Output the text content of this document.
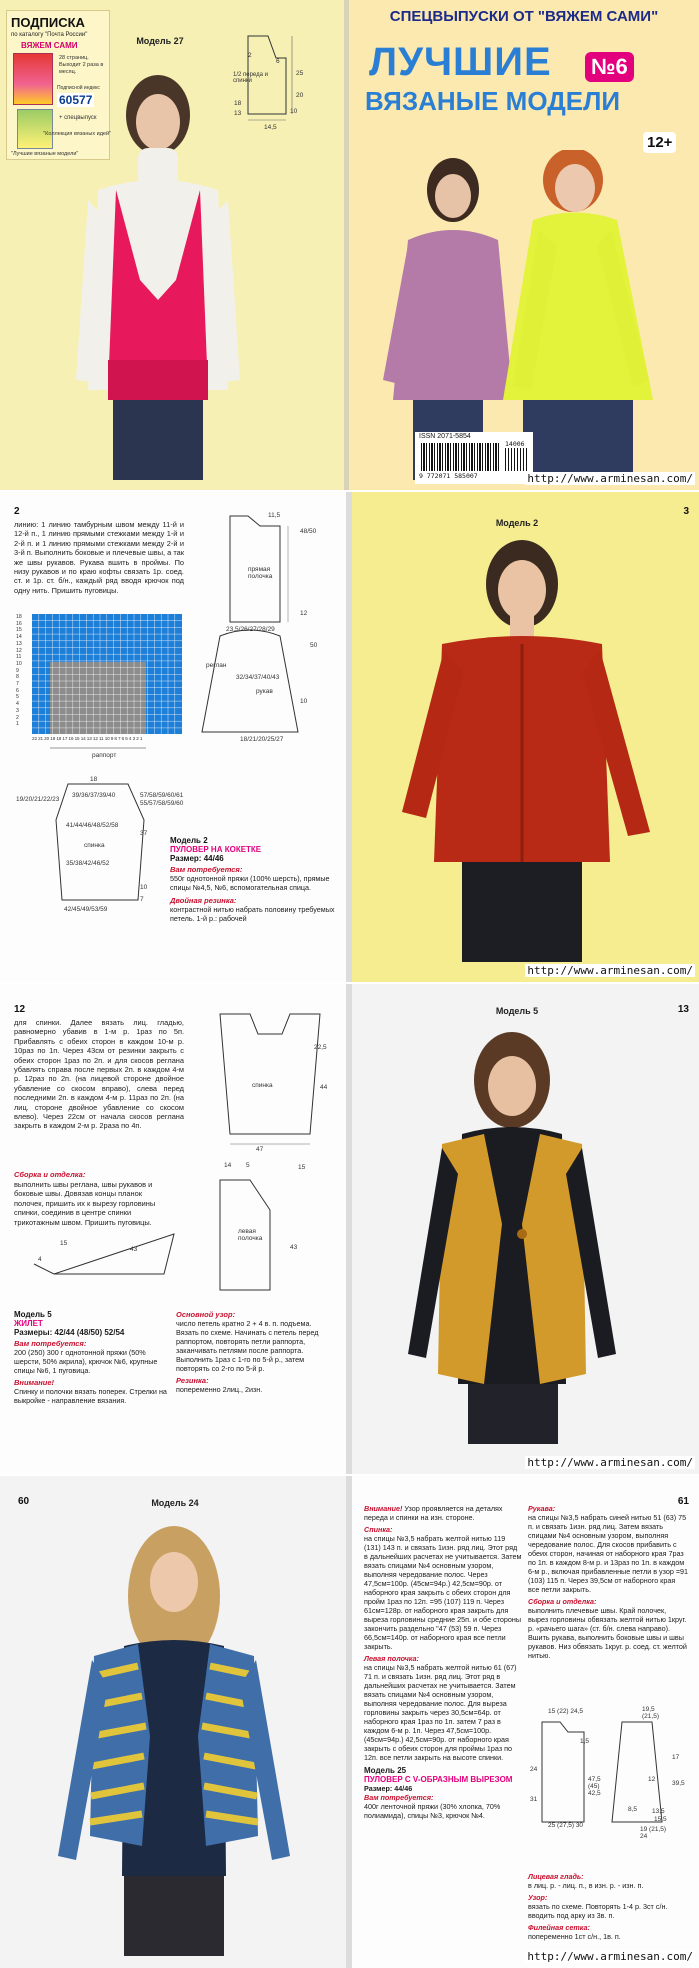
Модель 27
ПОДПИСКА
по каталогу "Почта России"
ВЯЖЕМ САМИ
28 страниц. Выходит 2 раза в месяц.
Подписной индекс
60577
+ спецвыпуск
"Лучшие вязаные модели"
"Коллекция вязаных идей"
1/2 переда и спинки
2
6
25
20
18
13	10
14,5
СПЕЦВЫПУСКИ ОТ "ВЯЖЕМ САМИ"
ЛУЧШИЕ
ВЯЗАНЫЕ МОДЕЛИ
№6
12+
ISSN 2071-5854
9 772071 585007
14006
http://www.arminesan.com/
2
линию: 1 линию тамбурным швом между 11-й и 12-й п., 1 линию прямыми стежками между 1-й и 2-й п. и 1 линию прямыми стежками между 2-й и 3-й п. Выполнить боковые и плечевые швы, а так же швы рукавов. Рукава вшить в проймы. По низу рукавов и по краю кофты связать 1р. соед. ст. и 1р. ст. б/н., каждый ряд вводя крючок под одну нить. Пришить пуговицы.
18
16
15
14
13
12
11
10
9
8
7
6
5
4
3
2
1
22 21 20 19 18 17 16 15 14 13 12 11 10 9 8 7 6 5 4 3 2 1
раппорт
11,5
48/50
прямая полочка
23,5/26/27/28/29
12
50
реглан
32/34/37/40/43
рукав
10
18/21/20/25/27
18
19/20/21/22/23
39/36/37/39/40
41/44/46/48/52/58
спинка
35/38/42/46/52
42/45/49/53/59
57/58/59/60/61
55/57/58/59/60
37
10
7
Модель 2
ПУЛОВЕР НА КОКЕТКЕ
Размер: 44/46
Вам потребуется:
550г однотонной пряжи (100% шерсть), прямые спицы №4,5, №6, вспомогательная спица.
Двойная резинка:
контрастной нитью набрать половину требуемых петель. 1-й р.: рабочей
3
Модель 2
http://www.arminesan.com/
12
для спинки. Далее вязать лиц. гладью, равномерно убавив в 1-м р. 1раз по 5п. Прибавлять с обеих сторон в каждом 10-м р. 10раз по 1п. Через 43см от резинки закрыть с обеих сторон 1раз по 2п. и для скосов реглана убавлять справа после первых 2п. в каждом 4-м р. 12раз по 2п. (на лицевой стороне двойное убавление со скосом вправо), слева перед последними 2п. в каждом 4-м р. 11раз по 2п. (на лиц. стороне двойное убавление со скосом влево). Через 22см от начала скосов реглана закрыть в каждом 2-м р. 2раза по 4п.
Сборка и отделка:
выполнить швы реглана, швы рукавов и боковые швы. Довязав концы планок полочек, пришить их к вырезу горловины спинки, соединив в центре спинки трикотажным швом. Пришить пуговицы.
47
22,5
спинка	44
14 5	15
левая полочка
43
4
15
43
Модель 5
ЖИЛЕТ
Размеры: 42/44 (48/50) 52/54
Вам потребуется:
200 (250) 300 г однотонной пряжи (50% шерсти, 50% акрила), крючок №6, крупные спицы №6, 1 пуговица.
Внимание!
Спинку и полочки вязать поперек. Стрелки на выкройке - направление вязания.
Основной узор:
число петель кратно 2 + 4 в. п. подъема. Вязать по схеме. Начинать с петель перед раппортом, повторять петли раппорта, заканчивать петлями после раппорта. Выполнить 1раз с 1-го по 5-й р., затем повторять со 2-го по 5-й р.
Резинка:
попеременно 2лиц., 2изн.
13
Модель 5
http://www.arminesan.com/
60	Модель 24	61
Внимание! Узор проявляется на деталях переда и спинки на изн. стороне.
Спинка:
на спицы №3,5 набрать желтой нитью 119 (131) 143 п. и связать 1изн. ряд лиц. Этот ряд в дальнейших расчетах не учитывается. Затем вязать спицами №4 основным узором, выполняя чередование полос. Через 47,5см=100р. (45см=94р.) 42,5см=90р. от наборного края закрыть с обеих сторон для пройм 1раз по 12п. =95 (107) 119 п. Через 61см=128р. от наборного края закрыть для выреза горловины средние 25п. и обе стороны закончить раздельно "47 (53) 59 п. Через 66,5см=140р. от наборного края все петли закрыть.
Левая полочка:
на спицы №3,5 набрать желтой нитью 61 (67) 71 п. и связать 1изн. ряд лиц. Этот ряд в дальнейших расчетах не учитывается. Затем вязать спицами №4 основным узором, выполняя чередование полос. Для выреза горловины закрыть через 30,5см=64р. от наборного края 1раз по 1п. затем 7 раз в каждом 6-м р. 1п. Через 47,5см=100р. (45см=94р.) 42,5см=90р. от наборного края закрыть с обеих сторон для проймы 1раз по 12п. все петли закрыть на высоте спинки.
Модель 25
ПУЛОВЕР С V-ОБРАЗНЫМ ВЫРЕЗОМ
Размер: 44/46
Вам потребуется:
400г ленточной пряжи (30% хлопка, 70% полиамида), спицы №3, крючок №4.
Рукава:
на спицы №3,5 набрать синей нитью 51 (63) 75 п. и связать 1изн. ряд лиц. Затем вязать спицами №4 основным узором, выполняя чередование полос. Для скосов прибавить с обеих сторон, начиная от наборного края 7раз по 1п. в каждом 8-м р. и 13раз по 1п. в каждом 6-м р., включая прибавленные петли в узор =91 (103) 115 п. Через 39,5см от наборного края все петли закрыть.
Сборка и отделка:
выполнить плечевые швы. Край полочек, вырез горловины обвязать желтой нитью 1круг. р. «рачьего шага» (ст. б/н. слева направо). Вшить рукава, выполнить боковые швы и швы рукавов. Низ обвязать 1круг. р. соед. ст. желтой нитью.
Лицевая гладь:
в лиц. р. - лиц. п., в изн. р. - изн. п.
Узор:
вязать по схеме. Повторять 1-4 р. 3ст с/н. вводить под арку из 3в. п.
Филейная сетка:
попеременно 1ст с/н., 1в. п.
15 (22) 24,5	19,5 (21,5)
24
1,5
47,5 (45) 42,5
31
25 (27,5) 30
19 (21,5) 24
17
12
39,5
8,5 13,5
15,5
http://www.arminesan.com/
